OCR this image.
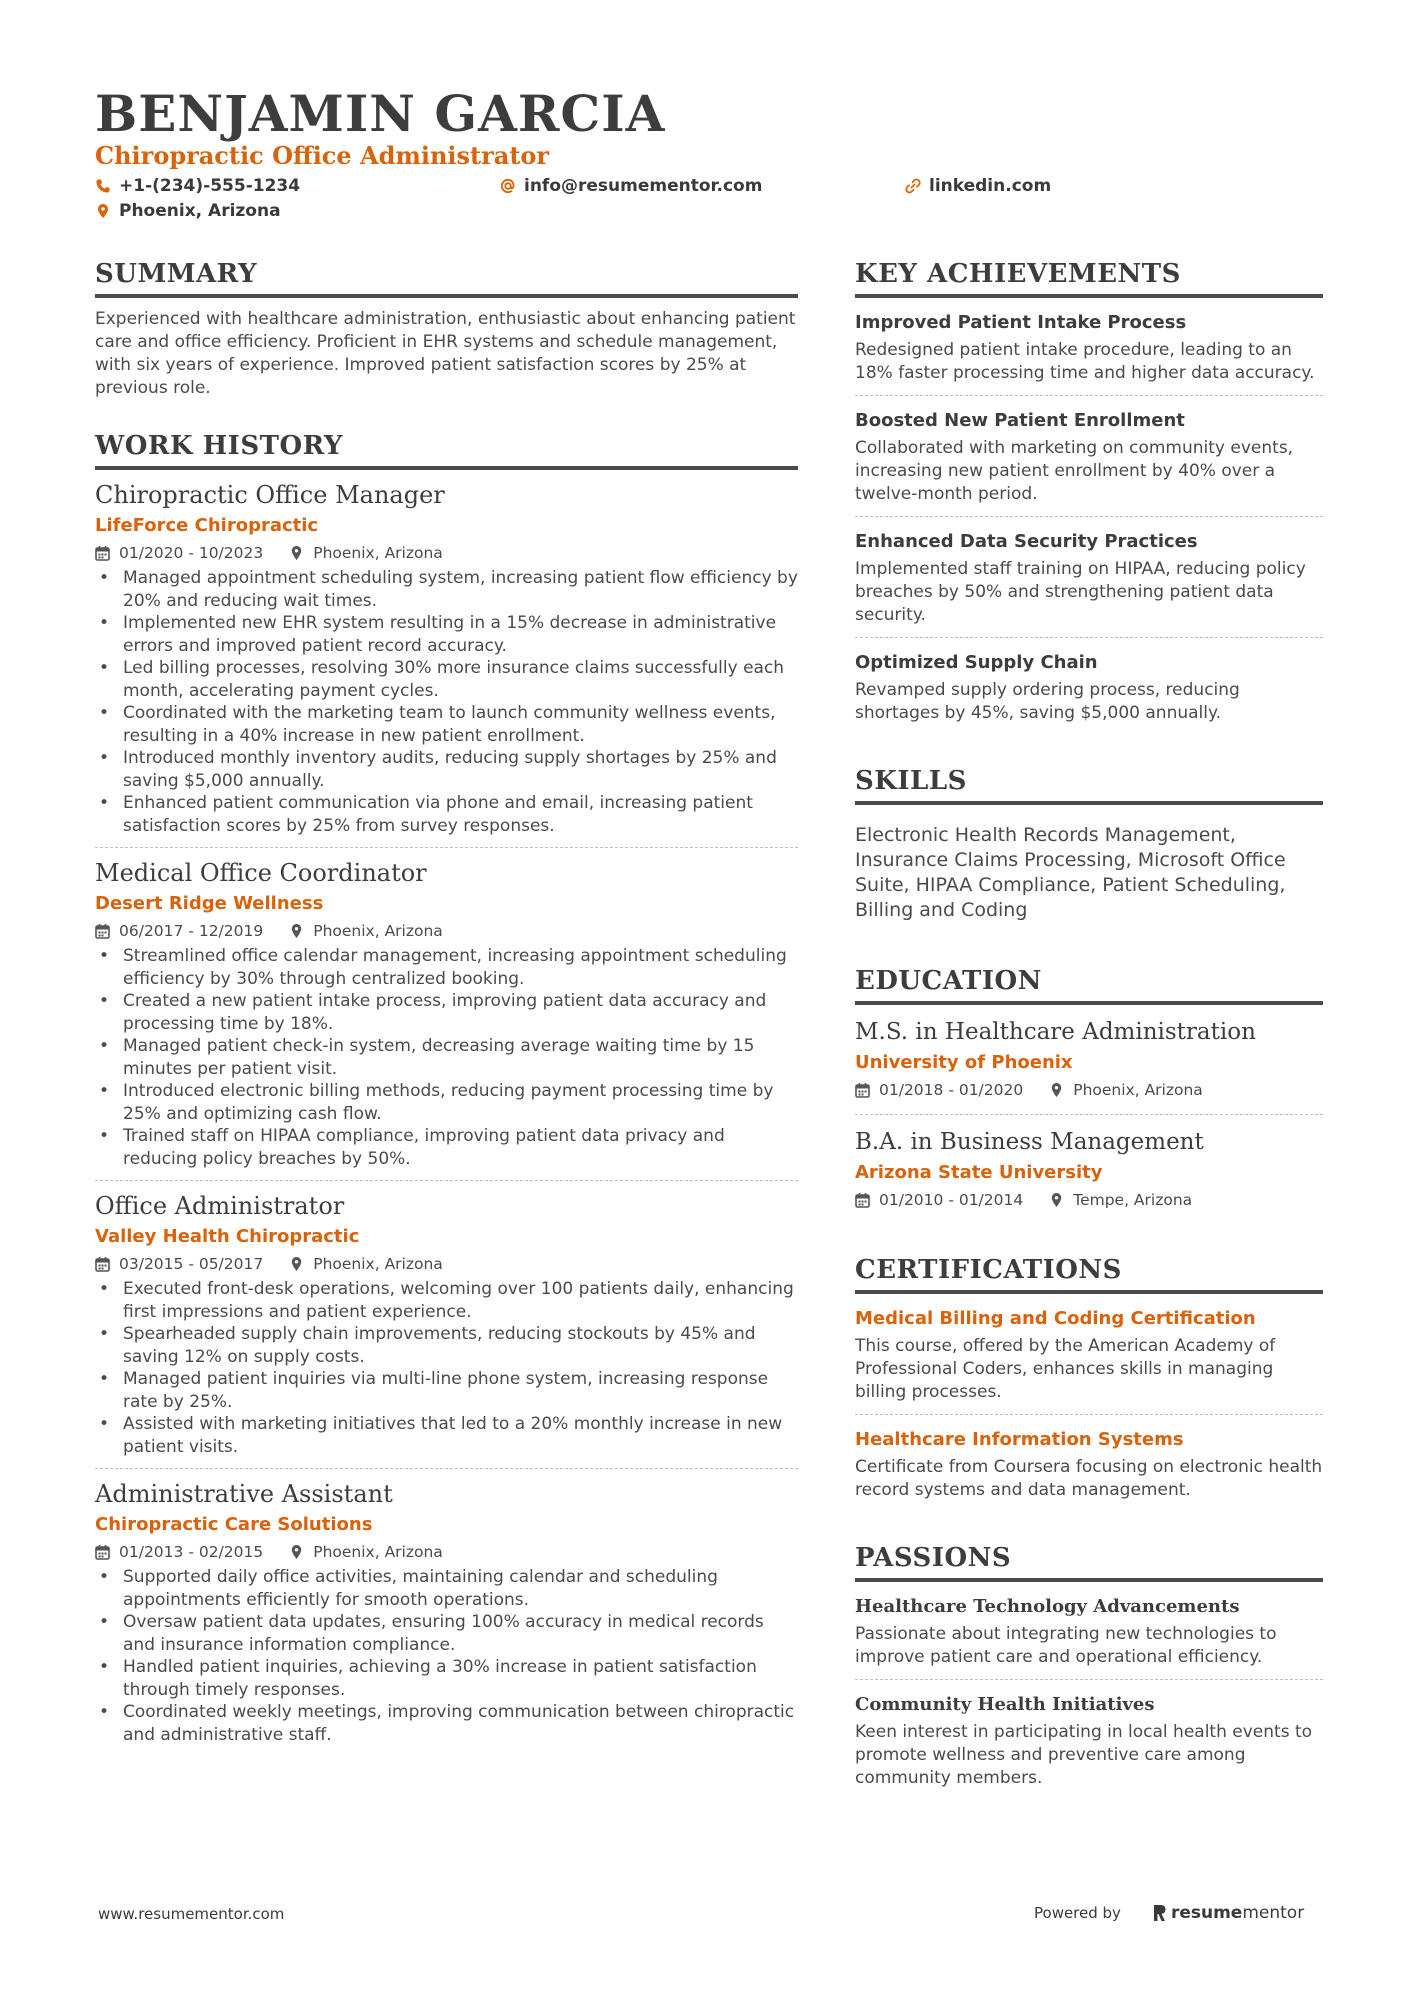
BENJAMIN GARCIA
Chiropractic Office Administrator
+1-(234)-555-1234	info@resumementor.com	linkedin.com
Phoenix, Arizona
SUMMARY

Experienced with healthcare administration, enthusiastic about enhancing patient care and office efficiency. Proficient in EHR systems and schedule management, with six years of experience. Improved patient satisfaction scores by 25% at previous role.

WORK HISTORY
Chiropractic Office Manager
LifeForce Chiropractic
01/2020 - 10/2023	Phoenix, Arizona
• Managed appointment scheduling system, increasing patient flow efficiency by 20% and reducing wait times.
• Implemented new EHR system resulting in a 15% decrease in administrative errors and improved patient record accuracy.
• Led billing processes, resolving 30% more insurance claims successfully each month, accelerating payment cycles.
• Coordinated with the marketing team to launch community wellness events, resulting in a 40% increase in new patient enrollment.
• Introduced monthly inventory audits, reducing supply shortages by 25% and saving $5,000 annually.
• Enhanced patient communication via phone and email, increasing patient satisfaction scores by 25% from survey responses.
Medical Office Coordinator
Desert Ridge Wellness
06/2017 - 12/2019	Phoenix, Arizona
• Streamlined office calendar management, increasing appointment scheduling efficiency by 30% through centralized booking.
• Created a new patient intake process, improving patient data accuracy and processing time by 18%.
• Managed patient check-in system, decreasing average waiting time by 15 minutes per patient visit.
• Introduced electronic billing methods, reducing payment processing time by 25% and optimizing cash flow.
• Trained staff on HIPAA compliance, improving patient data privacy and reducing policy breaches by 50%.
Office Administrator
Valley Health Chiropractic
03/2015 - 05/2017	Phoenix, Arizona
• Executed front-desk operations, welcoming over 100 patients daily, enhancing first impressions and patient experience.
• Spearheaded supply chain improvements, reducing stockouts by 45% and saving 12% on supply costs.
• Managed patient inquiries via multi-line phone system, increasing response rate by 25%.
• Assisted with marketing initiatives that led to a 20% monthly increase in new patient visits.
Administrative Assistant
Chiropractic Care Solutions
01/2013 - 02/2015	Phoenix, Arizona
• Supported daily office activities, maintaining calendar and scheduling appointments efficiently for smooth operations.
• Oversaw patient data updates, ensuring 100% accuracy in medical records and insurance information compliance.
• Handled patient inquiries, achieving a 30% increase in patient satisfaction through timely responses.
• Coordinated weekly meetings, improving communication between chiropractic and administrative staff.
KEY ACHIEVEMENTS
Improved Patient Intake Process

Redesigned patient intake procedure, leading to an 18% faster processing time and higher data accuracy.

Boosted New Patient Enrollment

Collaborated with marketing on community events, increasing new patient enrollment by 40% over a twelve-month period.

Enhanced Data Security Practices

Implemented staff training on HIPAA, reducing policy breaches by 50% and strengthening patient data security.

Optimized Supply Chain

Revamped supply ordering process, reducing shortages by 45%, saving $5,000 annually.

SKILLS

Electronic Health Records Management, Insurance Claims Processing, Microsoft Office Suite, HIPAA Compliance, Patient Scheduling, Billing and Coding

EDUCATION
M.S. in Healthcare Administration
University of Phoenix
01/2018 - 01/2020	Phoenix, Arizona
B.A. in Business Management
Arizona State University
01/2010 - 01/2014	Tempe, Arizona
CERTIFICATIONS
Medical Billing and Coding Certification

This course, offered by the American Academy of Professional Coders, enhances skills in managing billing processes.

Healthcare Information Systems

Certificate from Coursera focusing on electronic health record systems and data management.

PASSIONS
Healthcare Technology Advancements

Passionate about integrating new technologies to improve patient care and operational efficiency.

Community Health Initiatives

Keen interest in participating in local health events to promote wellness and preventive care among community members.

www.resumementor.com	Powered by	resume mentor
